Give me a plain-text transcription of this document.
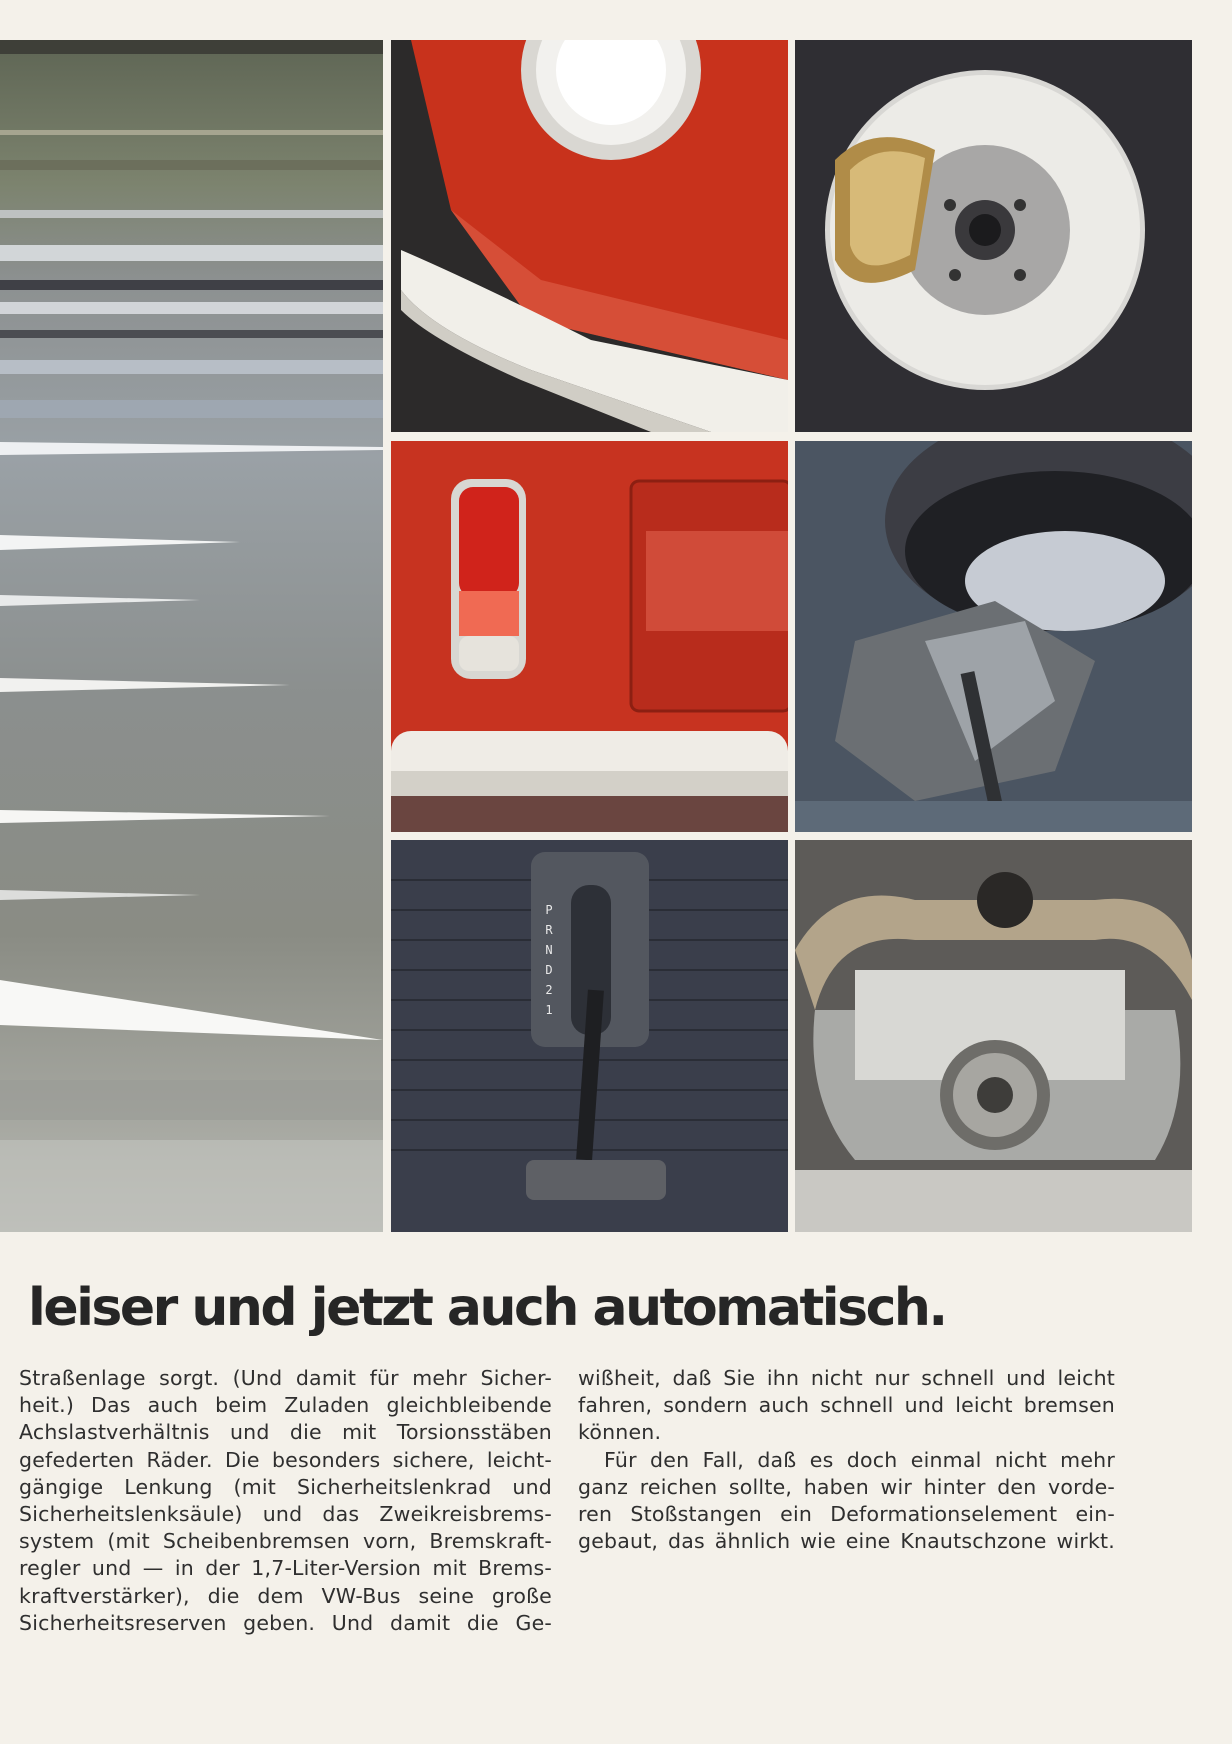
P
R
N
D
2
1
leiser und jetzt auch automatisch.
Straßenlage sorgt. (Und damit für mehr Sicher-
heit.) Das auch beim Zuladen gleichbleibende
Achslastverhältnis und die mit Torsionsstäben
gefederten Räder. Die besonders sichere, leicht-
gängige Lenkung (mit Sicherheitslenkrad und
Sicherheitslenksäule) und das Zweikreisbrems-
system (mit Scheibenbremsen vorn, Bremskraft-
regler und — in der 1,7-Liter-Version mit Brems-
kraftverstärker), die dem VW-Bus seine große
Sicherheitsreserven geben. Und damit die Ge-
wißheit, daß Sie ihn nicht nur schnell und leicht
fahren, sondern auch schnell und leicht bremsen
können.
Für den Fall, daß es doch einmal nicht mehr
ganz reichen sollte, haben wir hinter den vorde-
ren Stoßstangen ein Deformationselement ein-
gebaut, das ähnlich wie eine Knautschzone wirkt.
